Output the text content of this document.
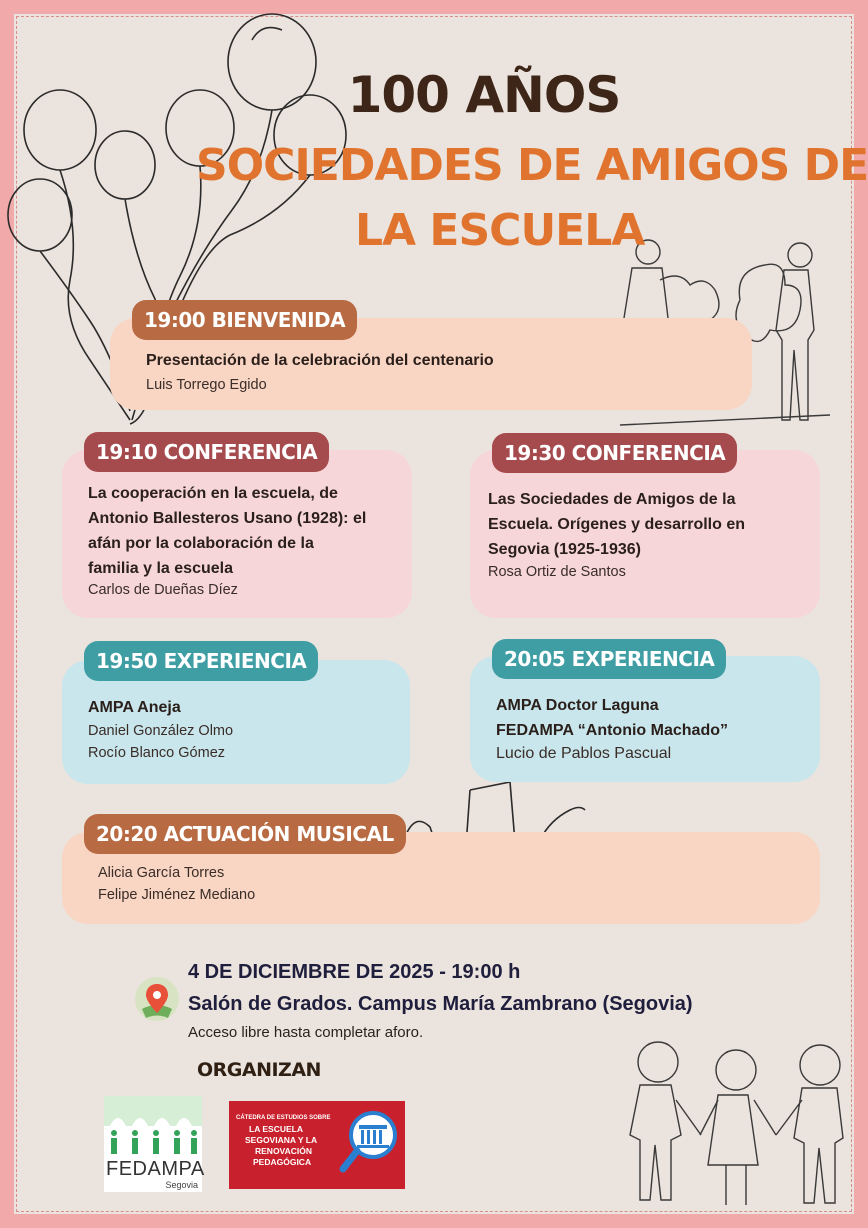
100 AÑOS
SOCIEDADES DE AMIGOS DE
LA ESCUELA
19:00 BIENVENIDA
Presentación de la celebración del centenario
Luis Torrego Egido
19:10 CONFERENCIA
La cooperación en la escuela, de
Antonio Ballesteros Usano (1928): el
afán por la colaboración de la
familia y la escuela
Carlos de Dueñas Díez
19:30 CONFERENCIA
Las Sociedades de Amigos de la
Escuela. Orígenes y desarrollo en
Segovia (1925-1936)
Rosa Ortiz de Santos
19:50 EXPERIENCIA
AMPA Aneja
Daniel González Olmo
Rocío Blanco Gómez
20:05 EXPERIENCIA
AMPA Doctor Laguna
FEDAMPA “Antonio Machado”
Lucio de Pablos Pascual
20:20 ACTUACIÓN MUSICAL
Alicia García Torres
Felipe Jiménez Mediano
4 DE DICIEMBRE DE 2025 - 19:00 h
Salón de Grados. Campus María Zambrano (Segovia)
Acceso libre hasta completar aforo.
ORGANIZAN
FEDAMPA
Segovia
CÁTEDRA DE ESTUDIOS SOBRE
LA ESCUELA
SEGOVIANA Y LA
RENOVACIÓN
PEDAGÓGICA
